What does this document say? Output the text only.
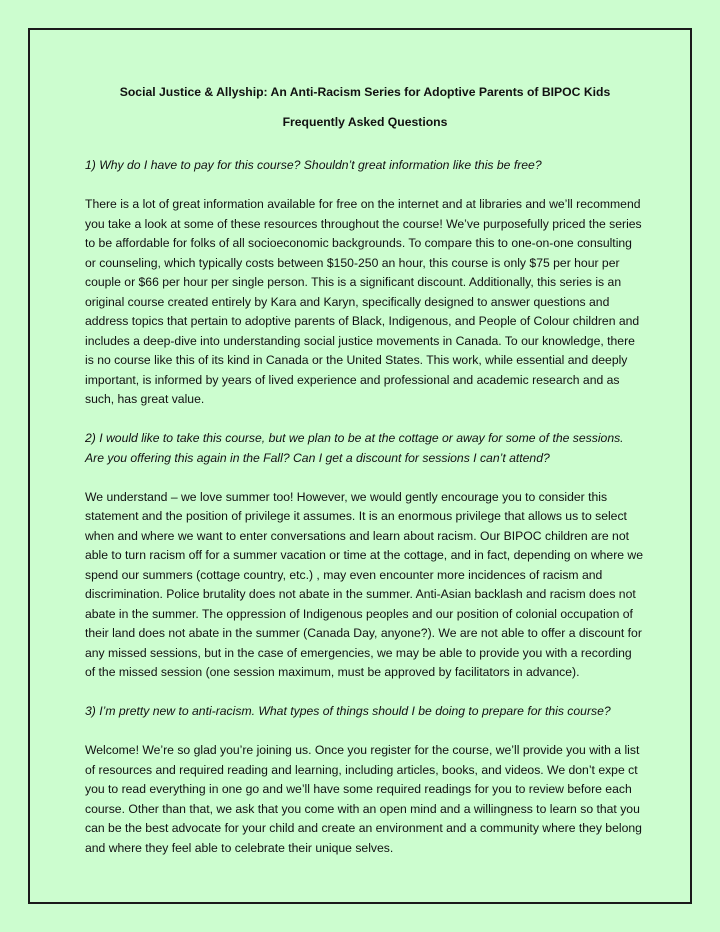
Social Justice & Allyship: An Anti-Racism Series for Adoptive Parents of BIPOC Kids
Frequently Asked Questions

1) Why do I have to pay for this course? Shouldn’t great information like this be free?

There is a lot of great information available for free on the internet and at libraries and we’ll recommend you take a look at some of these resources throughout the course! We’ve purposefully priced the series to be affordable for folks of all socioeconomic backgrounds. To compare this to one-on-one consulting or counseling, which typically costs between $150-250 an hour, this course is only $75 per hour per couple or $66 per hour per single person. This is a significant discount. Additionally, this series is an original course created entirely by Kara and Karyn, specifically designed to answer questions and address topics that pertain to adoptive parents of Black, Indigenous, and People of Colour children and includes a deep-dive into understanding social justice movements in Canada. To our knowledge, there is no course like this of its kind in Canada or the United States. This work, while essential and deeply important, is informed by years of lived experience and professional and academic research and as such, has great value.

2) I would like to take this course, but we plan to be at the cottage or away for some of the sessions. Are you offering this again in the Fall? Can I get a discount for sessions I can’t attend?

We understand – we love summer too! However, we would gently encourage you to consider this statement and the position of privilege it assumes. It is an enormous privilege that allows us to select when and where we want to enter conversations and learn about racism. Our BIPOC children are not able to turn racism off for a summer vacation or time at the cottage, and in fact, depending on where we spend our summers (cottage country, etc.) , may even encounter more incidences of racism and discrimination. Police brutality does not abate in the summer. Anti-Asian backlash and racism does not abate in the summer. The oppression of Indigenous peoples and our position of colonial occupation of their land does not abate in the summer (Canada Day, anyone?). We are not able to offer a discount for any missed sessions, but in the case of emergencies, we may be able to provide you with a recording of the missed session (one session maximum, must be approved by facilitators in advance).

3) I’m pretty new to anti-racism. What types of things should I be doing to prepare for this course?

Welcome! We’re so glad you’re joining us. Once you register for the course, we’ll provide you with a list of resources and required reading and learning, including articles, books, and videos. We don’t expe ct you to read everything in one go and we’ll have some required readings for you to review before each course. Other than that, we ask that you come with an open mind and a willingness to learn so that you can be the best advocate for your child and create an environment and a community where they belong and where they feel able to celebrate their unique selves.
